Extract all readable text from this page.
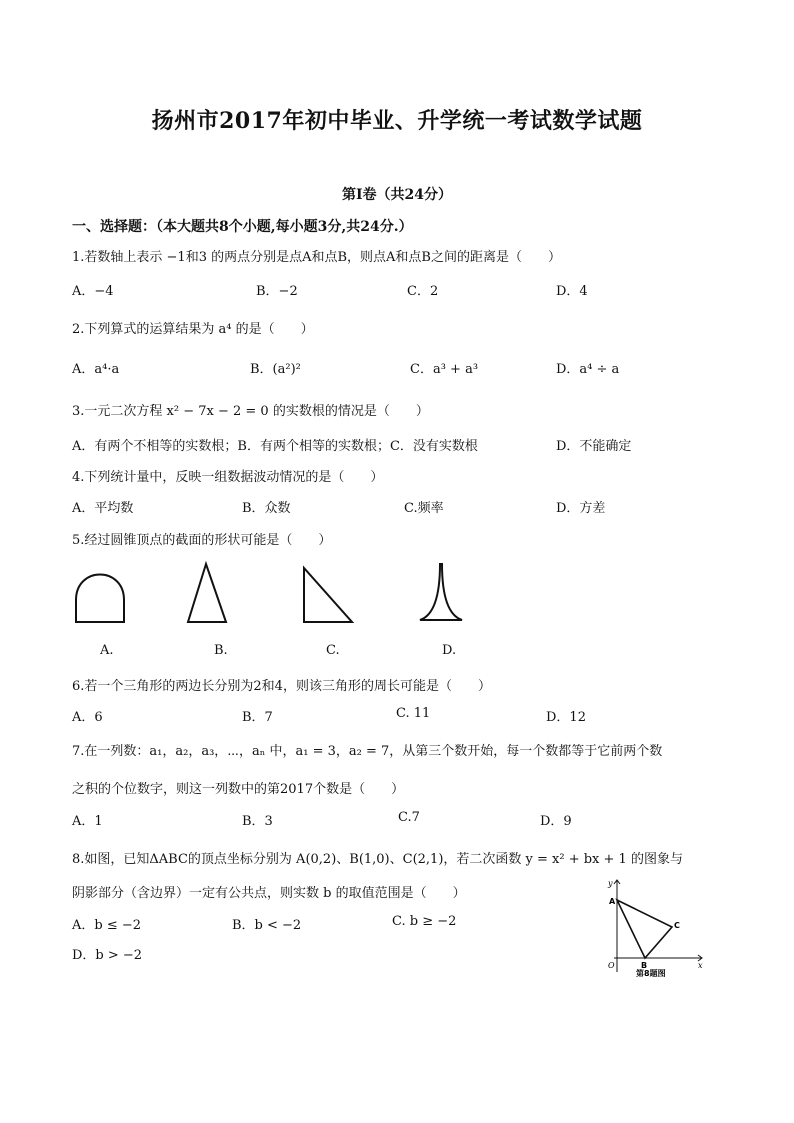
扬州市2017年初中毕业、升学统一考试数学试题
第Ⅰ卷（共24分）
一、选择题：（本大题共8个小题,每小题3分,共24分.）
1.若数轴上表示 −1和3 的两点分别是点A和点B，则点A和点B之间的距离是（　　）
A．−4	B．−2	C．2	D．4
2.下列算式的运算结果为 a⁴ 的是（　　）
A．a⁴·a	B．(a²)²	C．a³ + a³	D．a⁴ ÷ a
3.一元二次方程 x² − 7x − 2 = 0 的实数根的情况是（　　）
A．有两个不相等的实数根；B．有两个相等的实数根；C．没有实数根	D．不能确定
4.下列统计量中，反映一组数据波动情况的是（　　）
A．平均数	B．众数	C.频率	D．方差
5.经过圆锥顶点的截面的形状可能是（　　）
A.	B.	C.	D.
6.若一个三角形的两边长分别为2和4，则该三角形的周长可能是（　　）
A．6	B．7	C. 11	D．12
7.在一列数：a₁，a₂，a₃，⋯，aₙ 中，a₁ = 3，a₂ = 7，从第三个数开始，每一个数都等于它前两个数
之积的个位数字，则这一列数中的第2017个数是（　　）
A．1	B．3	C.7	D．9
8.如图，已知ΔABC的顶点坐标分别为 A(0,2)、B(1,0)、C(2,1)，若二次函数 y = x² + bx + 1 的图象与
阴影部分（含边界）一定有公共点，则实数 b 的取值范围是（　　）
A．b ≤ −2	B．b < −2	C. b ≥ −2
D．b > −2
y
x
O
A
B
C
第8题图
